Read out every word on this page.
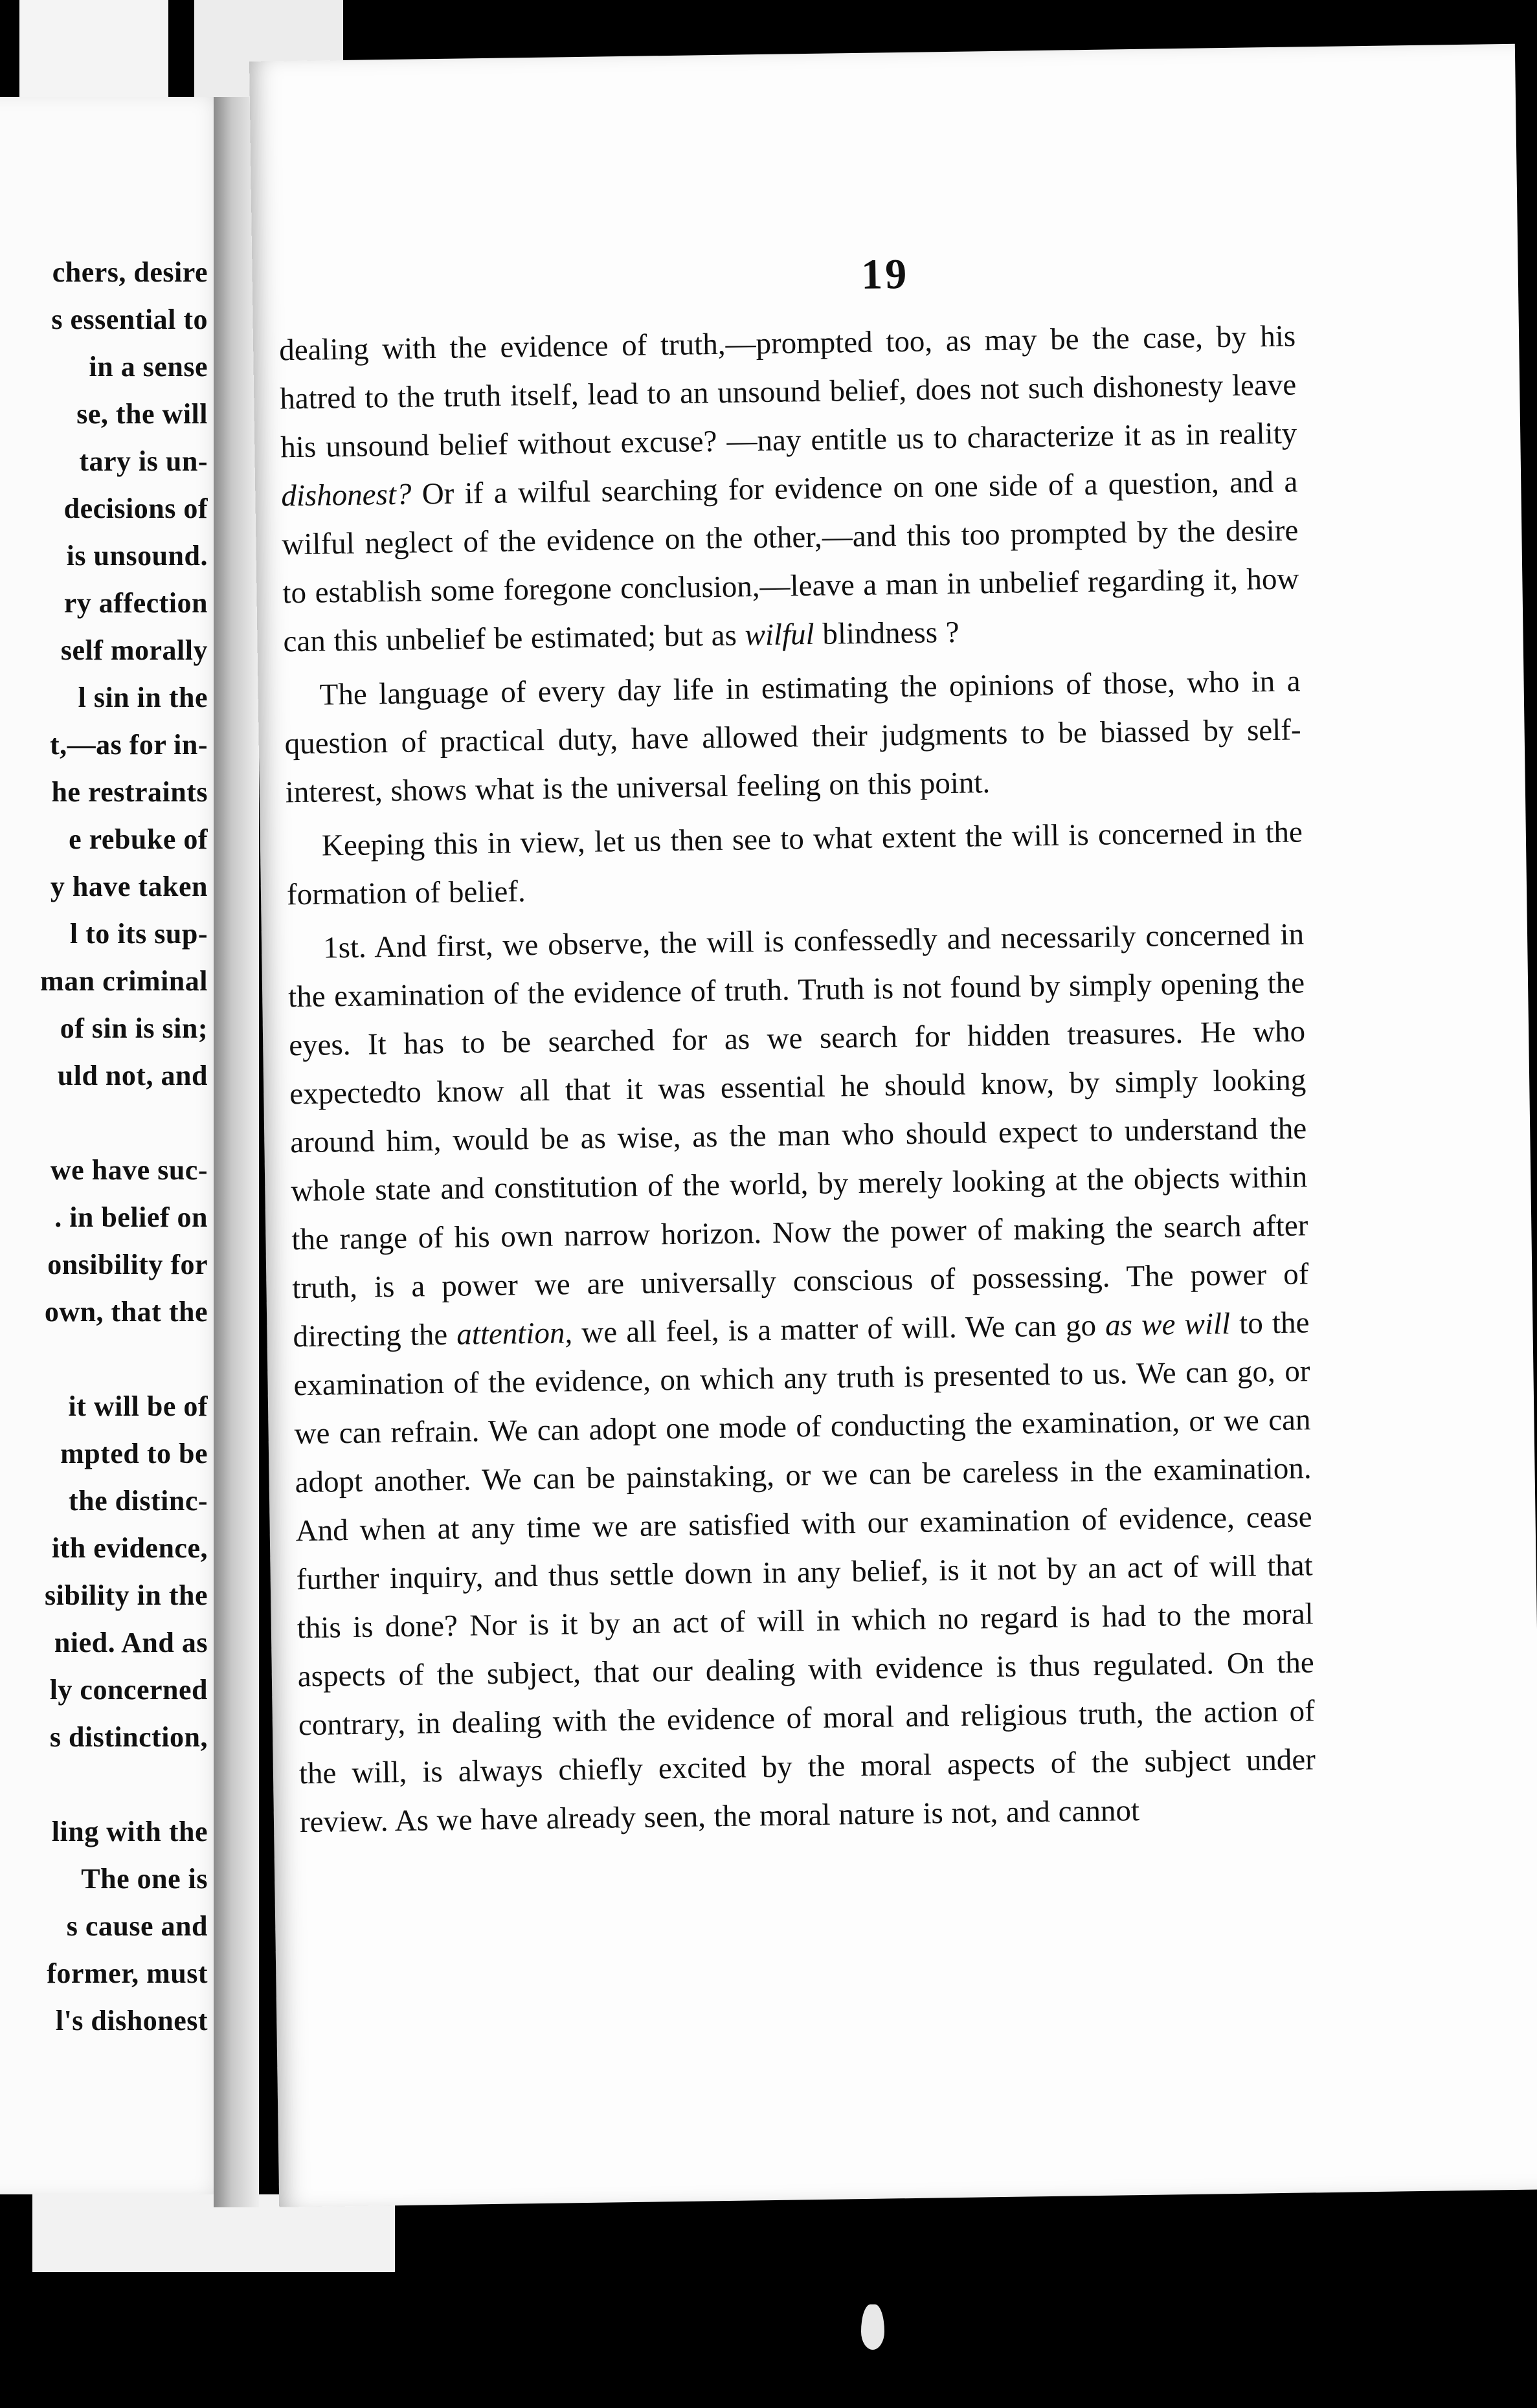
chers, desire
s essential to
in a sense
se, the will
tary is un-
decisions of
is unsound.
ry affection
self morally
l sin in the
t,—as for in-
he restraints
e rebuke of
y have taken
l to its sup-
man criminal
of sin is sin;
uld not, and
we have suc-
. in belief on
onsibility for
own, that the
it will be of
mpted to be
the distinc-
ith evidence,
sibility in the
nied. And as
ly concerned
s distinction,
ling with the
The one is
s cause and
former, must
l's dishonest
19

dealing with the evidence of truth,—prompted too, as may be the case, by his hatred to the truth itself, lead to an unsound belief, does not such dishonesty leave his unsound belief without excuse? —nay entitle us to characterize it as in reality dishonest? Or if a wilful searching for evidence on one side of a question, and a wilful neglect of the evidence on the other,—and this too prompted by the desire to establish some foregone conclusion,—leave a man in unbelief regarding it, how can this unbelief be estimated; but as wilful blindness ?

The language of every day life in estimating the opinions of those, who in a question of practical duty, have allowed their judgments to be biassed by self-interest, shows what is the universal feeling on this point.

Keeping this in view, let us then see to what extent the will is concerned in the formation of belief.

1st. And first, we observe, the will is confessedly and necessarily concerned in the examination of the evidence of truth. Truth is not found by simply opening the eyes. It has to be searched for as we search for hidden treasures. He who expectedto know all that it was essential he should know, by simply looking around him, would be as wise, as the man who should expect to understand the whole state and constitution of the world, by merely looking at the objects within the range of his own narrow horizon. Now the power of making the search after truth, is a power we are universally conscious of possessing. The power of directing the attention, we all feel, is a matter of will. We can go as we will to the examination of the evidence, on which any truth is presented to us. We can go, or we can refrain. We can adopt one mode of conducting the examination, or we can adopt another. We can be painstaking, or we can be careless in the examination. And when at any time we are satisfied with our examination of evidence, cease further inquiry, and thus settle down in any belief, is it not by an act of will that this is done? Nor is it by an act of will in which no regard is had to the moral aspects of the subject, that our dealing with evidence is thus regulated. On the contrary, in dealing with the evidence of moral and religious truth, the action of the will, is always chiefly excited by the moral aspects of the subject under review. As we have already seen, the moral nature is not, and cannot
